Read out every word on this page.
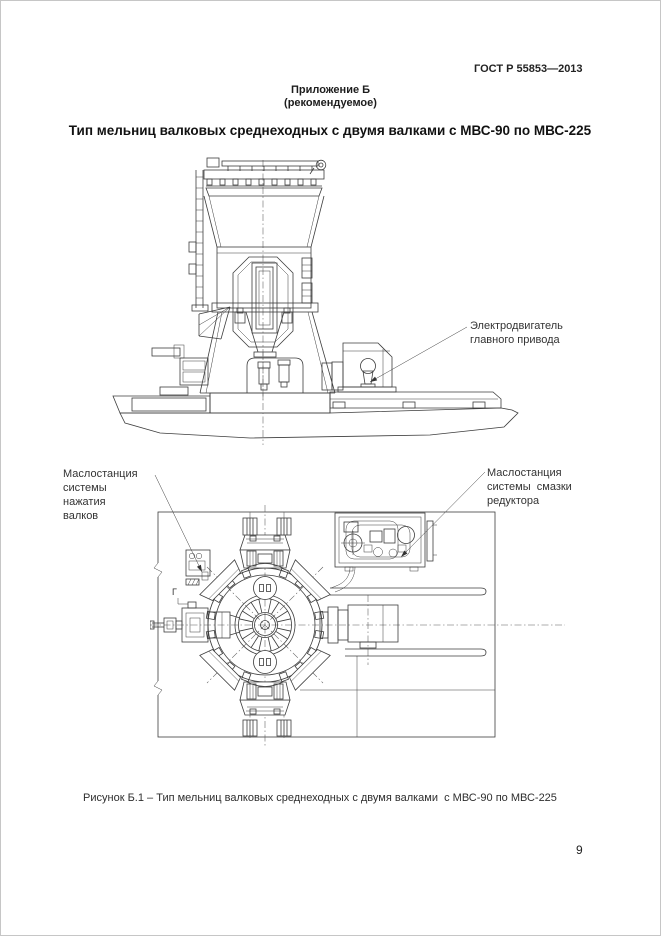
ГОСТ Р 55853—2013
Приложение Б
(рекомендуемое)
Тип мельниц валковых среднеходных с двумя валками с МВС-90 по МВС-225
Г
Электродвигатель
главного привода
Маслостанция
системы
нажатия
валков
Маслостанция
системы  смазки
редуктора
Рисунок Б.1 – Тип мельниц валковых среднеходных с двумя валками  с МВС-90 по МВС-225
9
